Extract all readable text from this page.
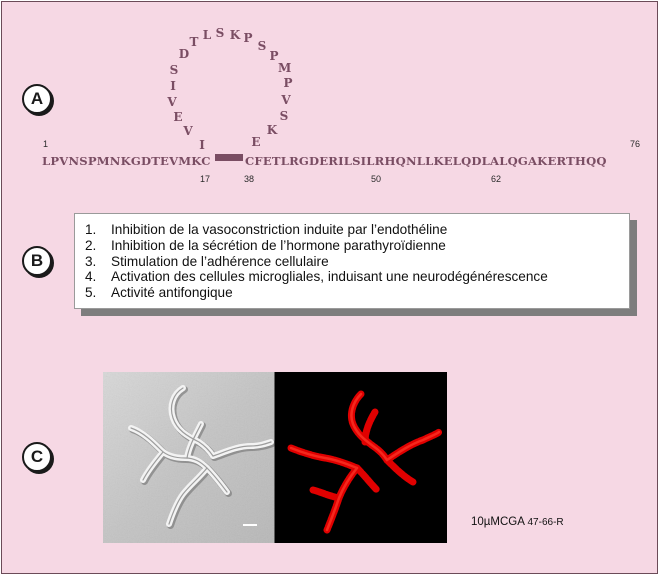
A
I
V
E
V
I
S
D
T L S K P
S
P
M
P
V
S
K
E
LPVNSPMNKGDTEVMKC	CFETLRGDERILSILRHQNLLKELQDLALQGAKERTHQQ
1	76
17	38	50	62
B
1. Inhibition de la vasoconstriction induite par l’endothéline
2. Inhibition de la sécrétion de l’hormone parathyroïdienne
3. Stimulation de l’adhérence cellulaire
4. Activation des cellules microgliales, induisant une neurodégénérescence
5. Activité antifongique
C
10µMCGA 47-66-R
